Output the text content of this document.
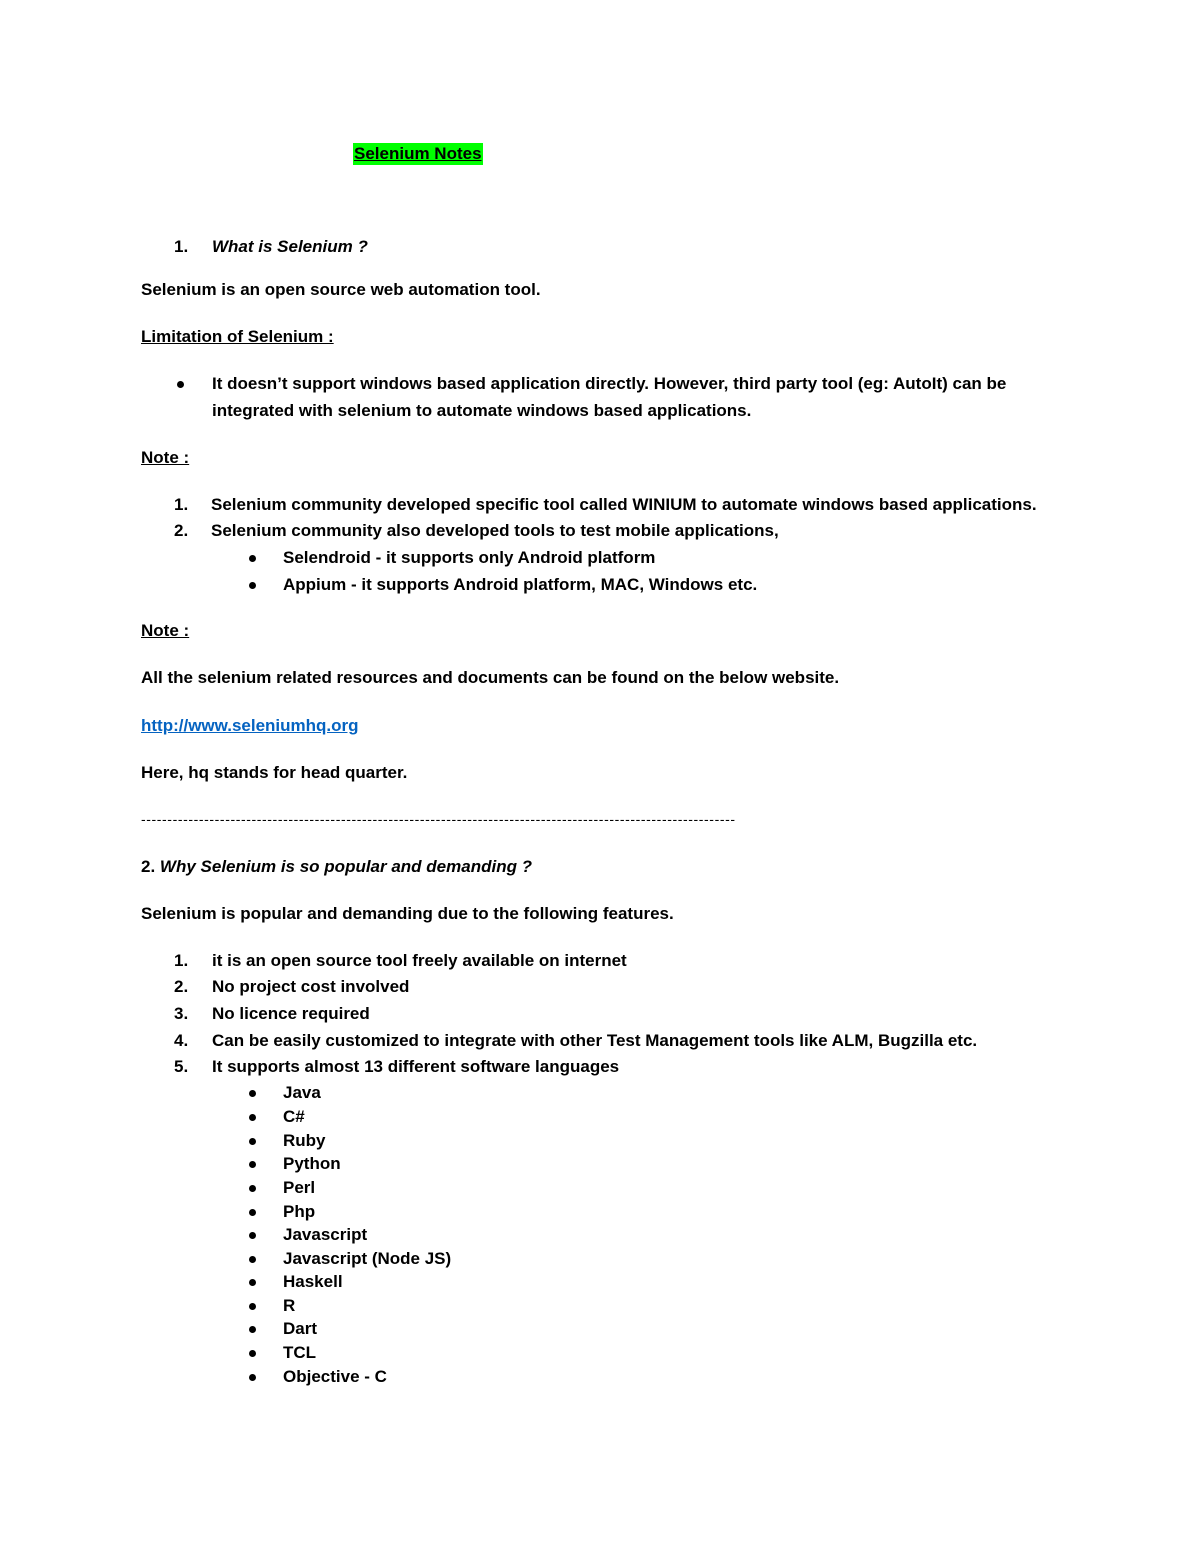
Selenium Notes
1. What is Selenium ?
Selenium is an open source web automation tool.
Limitation of Selenium :
It doesn’t support windows based application directly. However, third party tool (eg: AutoIt) can be
integrated with selenium to automate windows based applications.
Note :
1. Selenium community developed specific tool called WINIUM to automate windows based applications.
2. Selenium community also developed tools to test mobile applications,
Selendroid - it supports only Android platform
Appium - it supports Android platform, MAC, Windows etc.
Note :
All the selenium related resources and documents can be found on the below website.
http://www.seleniumhq.org
Here, hq stands for head quarter.
-----------------------------------------------------------------------------------------------------------------
2. Why Selenium is so popular and demanding ?
Selenium is popular and demanding due to the following features.
1. it is an open source tool freely available on internet
2. No project cost involved
3. No licence required
4. Can be easily customized to integrate with other Test Management tools like ALM, Bugzilla etc.
5. It supports almost 13 different software languages
Java
C#
Ruby
Python
Perl
Php
Javascript
Javascript (Node JS)
Haskell
R
Dart
TCL
Objective - C
